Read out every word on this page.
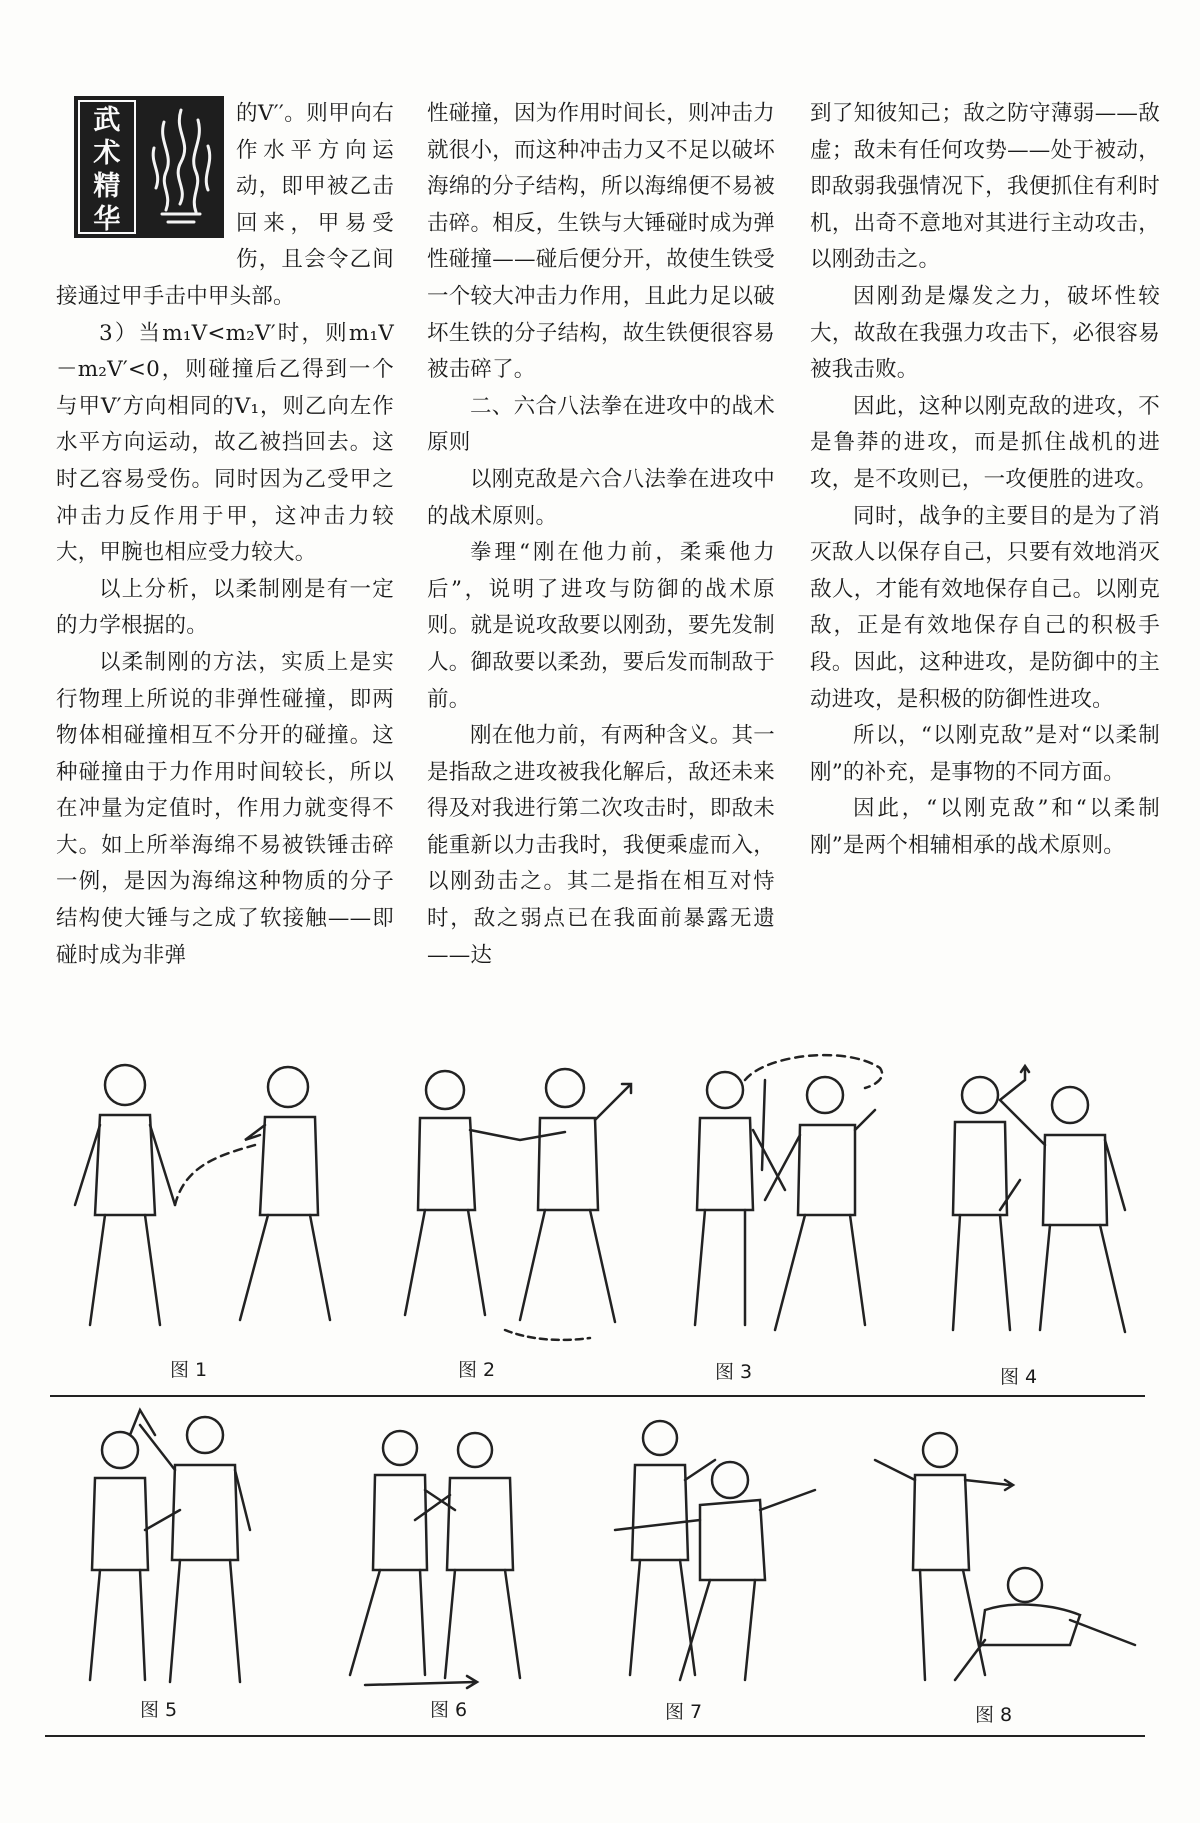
武
术
精
华

的V′′。则甲向右作水平方向运动，即甲被乙击回来，甲易受伤，且会令乙间接通过甲手击中甲头部。

3）当m₁V<m₂V′时，则m₁V－m₂V′<0，则碰撞后乙得到一个与甲V′方向相同的V₁，则乙向左作水平方向运动，故乙被挡回去。这时乙容易受伤。同时因为乙受甲之冲击力反作用于甲，这冲击力较大，甲腕也相应受力较大。

以上分析，以柔制刚是有一定的力学根据的。

以柔制刚的方法，实质上是实行物理上所说的非弹性碰撞，即两物体相碰撞相互不分开的碰撞。这种碰撞由于力作用时间较长，所以在冲量为定值时，作用力就变得不大。如上所举海绵不易被铁锤击碎一例，是因为海绵这种物质的分子结构使大锤与之成了软接触——即碰时成为非弹

性碰撞，因为作用时间长，则冲击力就很小，而这种冲击力又不足以破坏海绵的分子结构，所以海绵便不易被击碎。相反，生铁与大锤碰时成为弹性碰撞——碰后便分开，故使生铁受一个较大冲击力作用，且此力足以破坏生铁的分子结构，故生铁便很容易被击碎了。

二、六合八法拳在进攻中的战术原则

以刚克敌是六合八法拳在进攻中的战术原则。

拳理“刚在他力前，柔乘他力后”，说明了进攻与防御的战术原则。就是说攻敌要以刚劲，要先发制人。御敌要以柔劲，要后发而制敌于前。

刚在他力前，有两种含义。其一是指敌之进攻被我化解后，敌还未来得及对我进行第二次攻击时，即敌未能重新以力击我时，我便乘虚而入，以刚劲击之。其二是指在相互对恃时，敌之弱点已在我面前暴露无遗——达

到了知彼知己；敌之防守薄弱——敌虚；敌未有任何攻势——处于被动，即敌弱我强情况下，我便抓住有利时机，出奇不意地对其进行主动攻击，以刚劲击之。

因刚劲是爆发之力，破坏性较大，故敌在我强力攻击下，必很容易被我击败。

因此，这种以刚克敌的进攻，不是鲁莽的进攻，而是抓住战机的进攻，是不攻则已，一攻便胜的进攻。

同时，战争的主要目的是为了消灭敌人以保存自己，只要有效地消灭敌人，才能有效地保存自己。以刚克敌，正是有效地保存自己的积极手段。因此，这种进攻，是防御中的主动进攻，是积极的防御性进攻。

所以，“以刚克敌”是对“以柔制刚”的补充，是事物的不同方面。

因此，“以刚克敌”和“以柔制刚”是两个相辅相承的战术原则。

图 1	图 2	图 3	图 4
图 5	图 6	图 7	图 8
